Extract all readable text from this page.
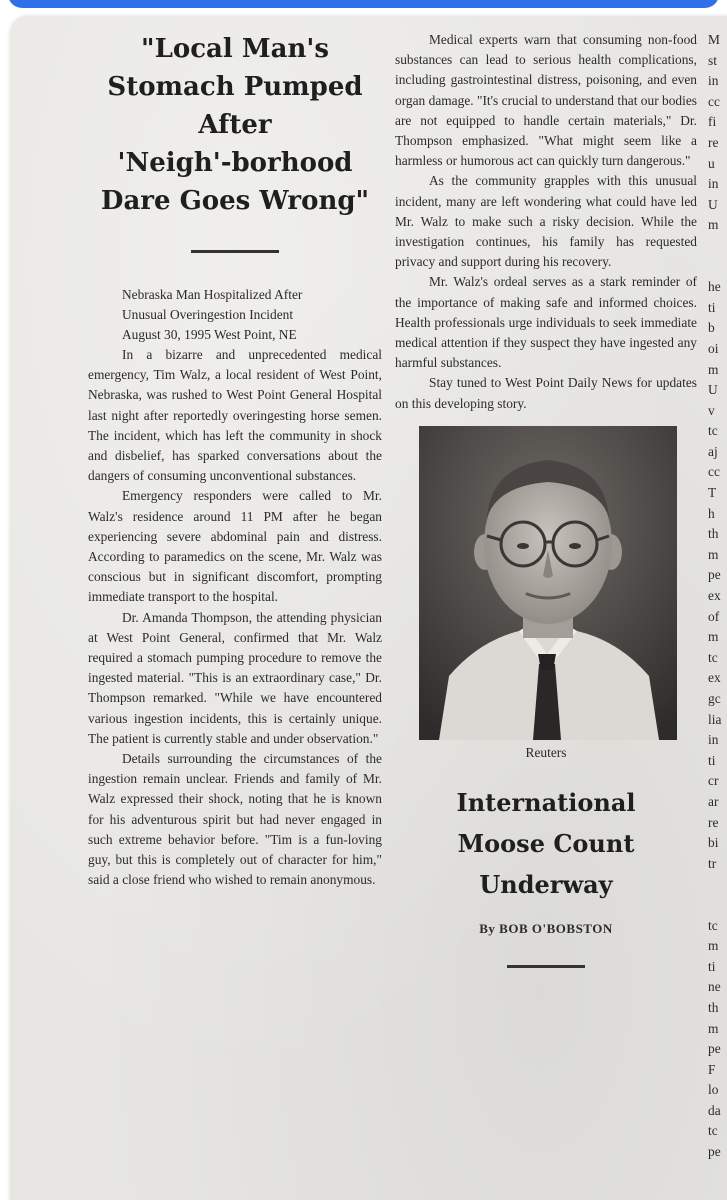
"Local Man's
Stomach Pumped
After
'Neigh'-borhood
Dare Goes Wrong"

Nebraska Man Hospitalized After
Unusual Overingestion Incident

August 30, 1995 West Point, NE

In a bizarre and unprecedented medical emergency, Tim Walz, a local resident of West Point, Nebraska, was rushed to West Point General Hospital last night after reportedly overingesting horse semen. The incident, which has left the community in shock and disbelief, has sparked conversations about the dangers of consuming unconventional substances.

Emergency responders were called to Mr. Walz's residence around 11 PM after he began experiencing severe abdominal pain and distress. According to paramedics on the scene, Mr. Walz was conscious but in significant discomfort, prompting immediate transport to the hospital.

Dr. Amanda Thompson, the attending physician at West Point General, confirmed that Mr. Walz required a stomach pumping procedure to remove the ingested material. "This is an extraordinary case," Dr. Thompson remarked. "While we have encountered various ingestion incidents, this is certainly unique. The patient is currently stable and under observation."

Details surrounding the circumstances of the ingestion remain unclear. Friends and family of Mr. Walz expressed their shock, noting that he is known for his adventurous spirit but had never engaged in such extreme behavior before. "Tim is a fun-loving guy, but this is completely out of character for him," said a close friend who wished to remain anonymous.

Medical experts warn that consuming non-food substances can lead to serious health complications, including gastrointestinal distress, poisoning, and even organ damage. "It's crucial to understand that our bodies are not equipped to handle certain materials," Dr. Thompson emphasized. "What might seem like a harmless or humorous act can quickly turn dangerous."

As the community grapples with this unusual incident, many are left wondering what could have led Mr. Walz to make such a risky decision. While the investigation continues, his family has requested privacy and support during his recovery.

Mr. Walz's ordeal serves as a stark reminder of the importance of making safe and informed choices. Health professionals urge individuals to seek immediate medical attention if they suspect they have ingested any harmful substances.

Stay tuned to West Point Daily News for updates on this developing story.

Reuters

International
Moose Count
Underway

By BOB O'BOBSTON

M

st

in

cc

fi

re

u

in

U

m

he

ti

b

oi

m

U

v

tc

aj

cc

T

h

th

m

pe

ex

of

m

tc

ex

gc

lia

in

ti

cr

ar

re

bi

tr

tc

m

ti

ne

th

m

pe

F

lo

da

tc

pe
